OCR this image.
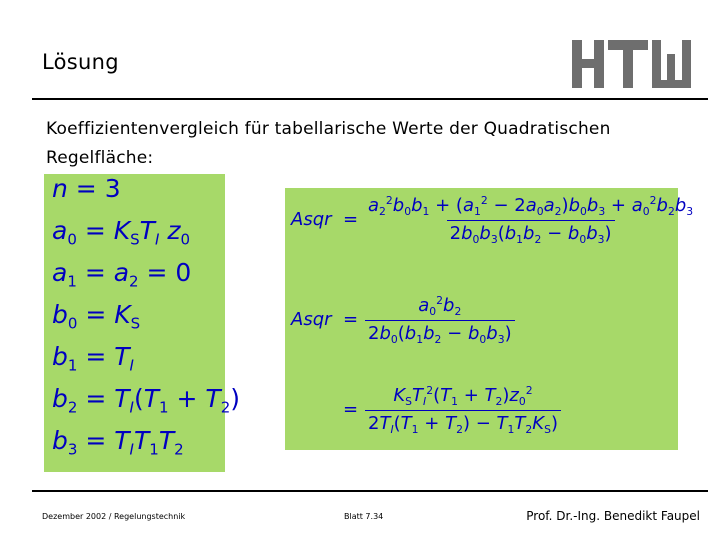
Lösung
Koeffizientenvergleich für tabellarische Werte der Quadratischen Regelfläche:
n = 3
$a_0 = K_ST_I$ $z_0$
$a_1 = a_2 = 0$
$b_0 = K_S$
$b_1 = T_I$
$b_2 = T_I(T_1 + T_2)$
$b_3 = T_IT_1T_2$
Asqr = $\frac{a_2^2b_0b_1 + (a_1^2 - 2a_0a_2)b_0b_3 + a_0^2b_2b_3}{2b_0b_3(b_1b_2 - b_0b_3)}$
Asqr = $\frac{a_0^2b_2}{2b_0(b_1b_2 - b_0b_3)}$
= $\frac{K_ST_I^2(T_1 + T_2)z_0^2}{2T_I(T_1 + T_2) - T_1T_2K_S)}$
Dezember 2002 / Regelungstechnik	Blatt 7.34	Prof. Dr.-Ing. Benedikt Faupel
